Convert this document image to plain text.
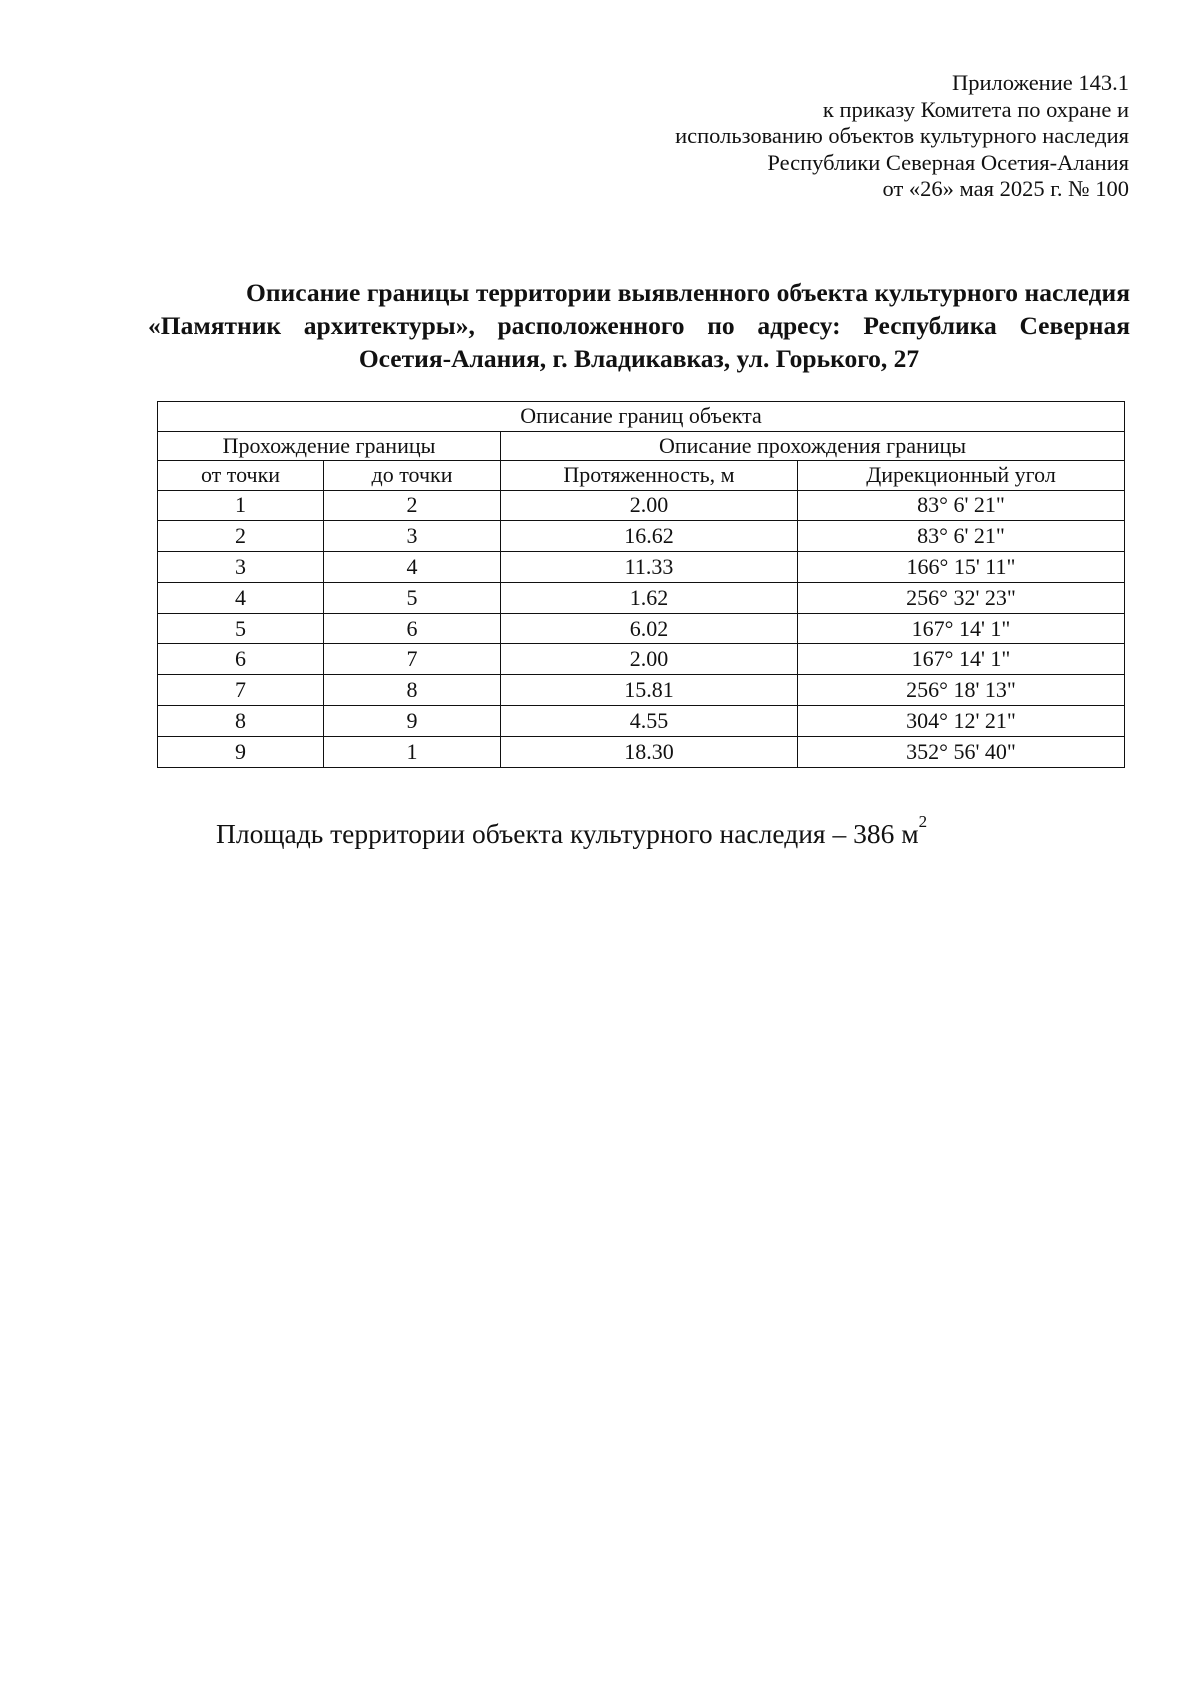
Приложение 143.1
к приказу Комитета по охране и
использованию объектов культурного наследия
Республики Северная Осетия-Алания
от «26» мая 2025 г. № 100
Описание границы территории выявленного объекта культурного наследия «Памятник архитектуры», расположенного по адресу: Республика Северная Осетия-Алания, г. Владикавказ, ул. Горького, 27
Описание границ объекта			
Прохождение границы		Описание прохождения границы	
от точки	до точки	Протяженность, м	Дирекционный угол
1	2	2.00	83° 6' 21"
2	3	16.62	83° 6' 21"
3	4	11.33	166° 15' 11"
4	5	1.62	256° 32' 23"
5	6	6.02	167° 14' 1"
6	7	2.00	167° 14' 1"
7	8	15.81	256° 18' 13"
8	9	4.55	304° 12' 21"
9	1	18.30	352° 56' 40"
Площадь территории объекта культурного наследия – 386 $м^2$
